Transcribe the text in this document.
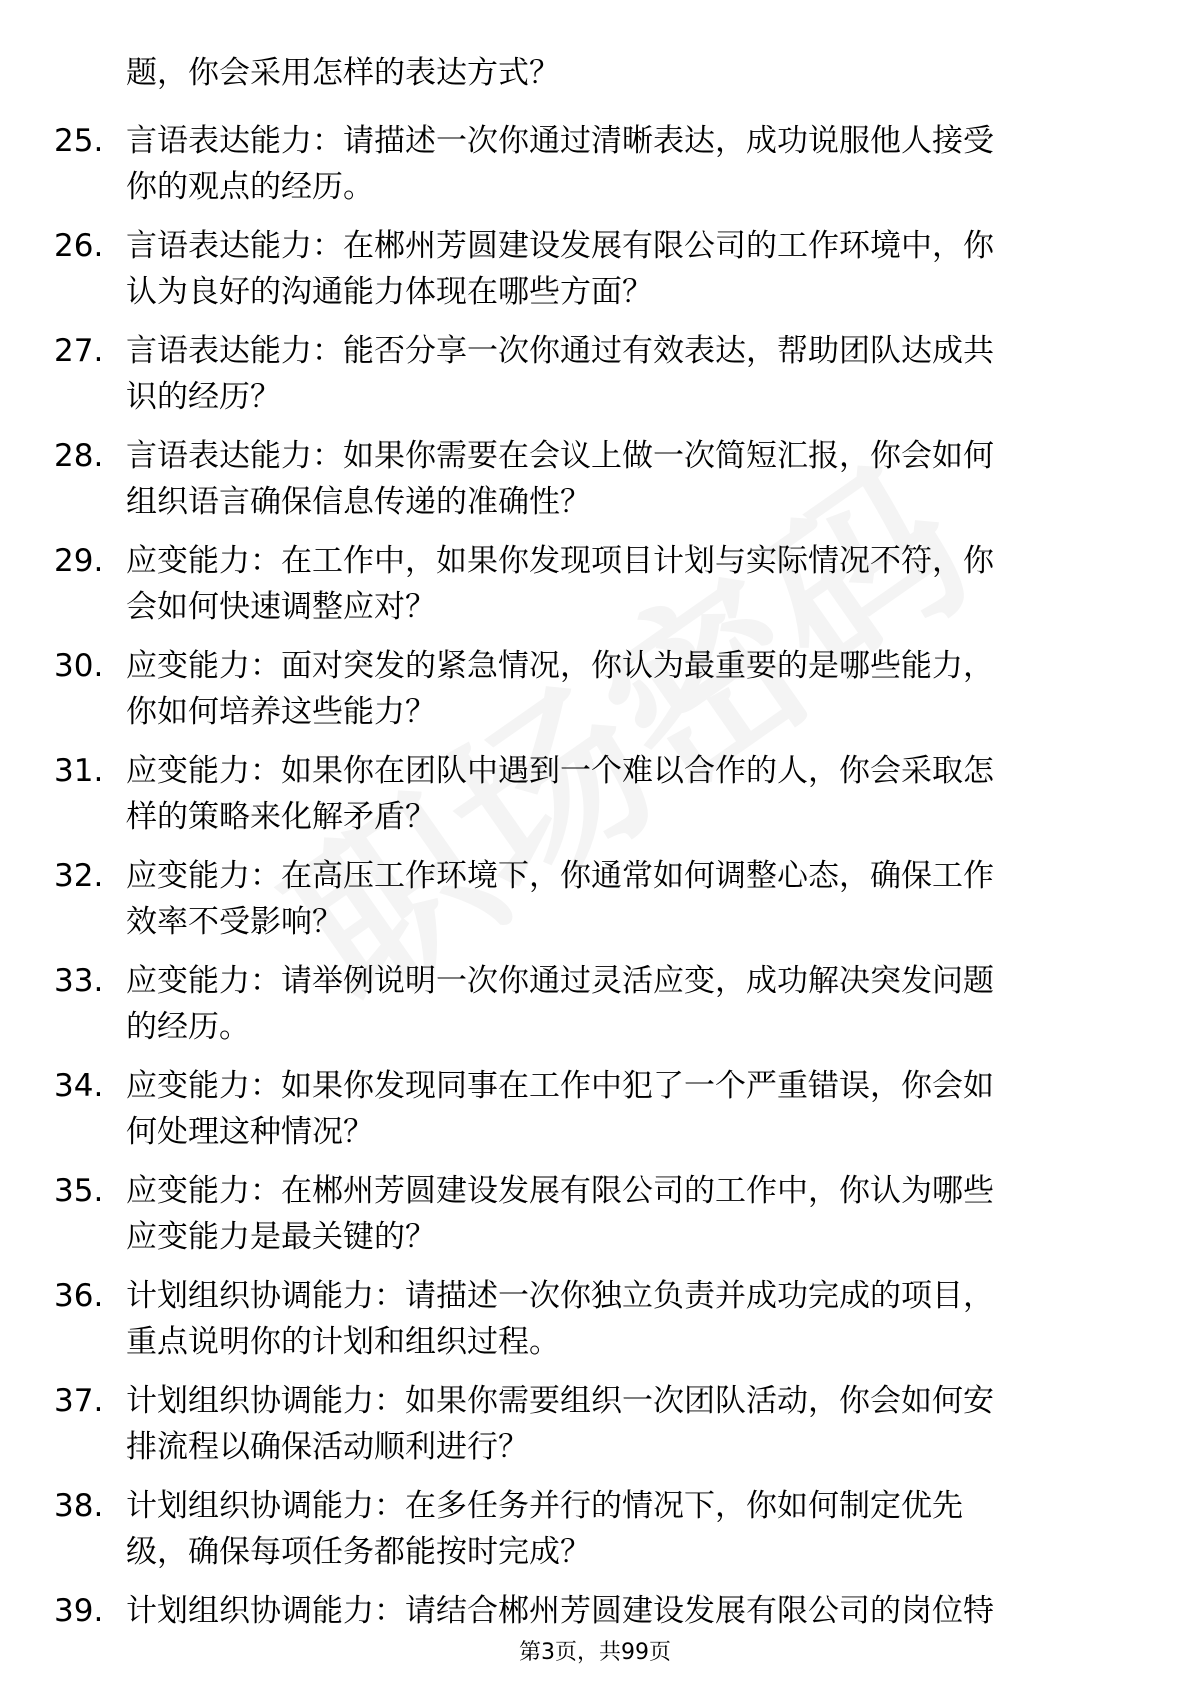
题，你会采用怎样的表达方式？
25. 言语表达能力：请描述一次你通过清晰表达，成功说服他人接受
你的观点的经历。
26. 言语表达能力：在郴州芳圆建设发展有限公司的工作环境中，你
认为良好的沟通能力体现在哪些方面？
27. 言语表达能力：能否分享一次你通过有效表达，帮助团队达成共
识的经历？
28. 言语表达能力：如果你需要在会议上做一次简短汇报，你会如何
组织语言确保信息传递的准确性？
29. 应变能力：在工作中，如果你发现项目计划与实际情况不符，你
会如何快速调整应对？
30. 应变能力：面对突发的紧急情况，你认为最重要的是哪些能力，
你如何培养这些能力？
31. 应变能力：如果你在团队中遇到一个难以合作的人，你会采取怎
样的策略来化解矛盾？
32. 应变能力：在高压工作环境下，你通常如何调整心态，确保工作
效率不受影响？
33. 应变能力：请举例说明一次你通过灵活应变，成功解决突发问题
的经历。
34. 应变能力：如果你发现同事在工作中犯了一个严重错误，你会如
何处理这种情况？
35. 应变能力：在郴州芳圆建设发展有限公司的工作中，你认为哪些
应变能力是最关键的？
36. 计划组织协调能力：请描述一次你独立负责并成功完成的项目，
重点说明你的计划和组织过程。
37. 计划组织协调能力：如果你需要组织一次团队活动，你会如何安
排流程以确保活动顺利进行？
38. 计划组织协调能力：在多任务并行的情况下，你如何制定优先
级，确保每项任务都能按时完成？
39. 计划组织协调能力：请结合郴州芳圆建设发展有限公司的岗位特
第3页，共99页
